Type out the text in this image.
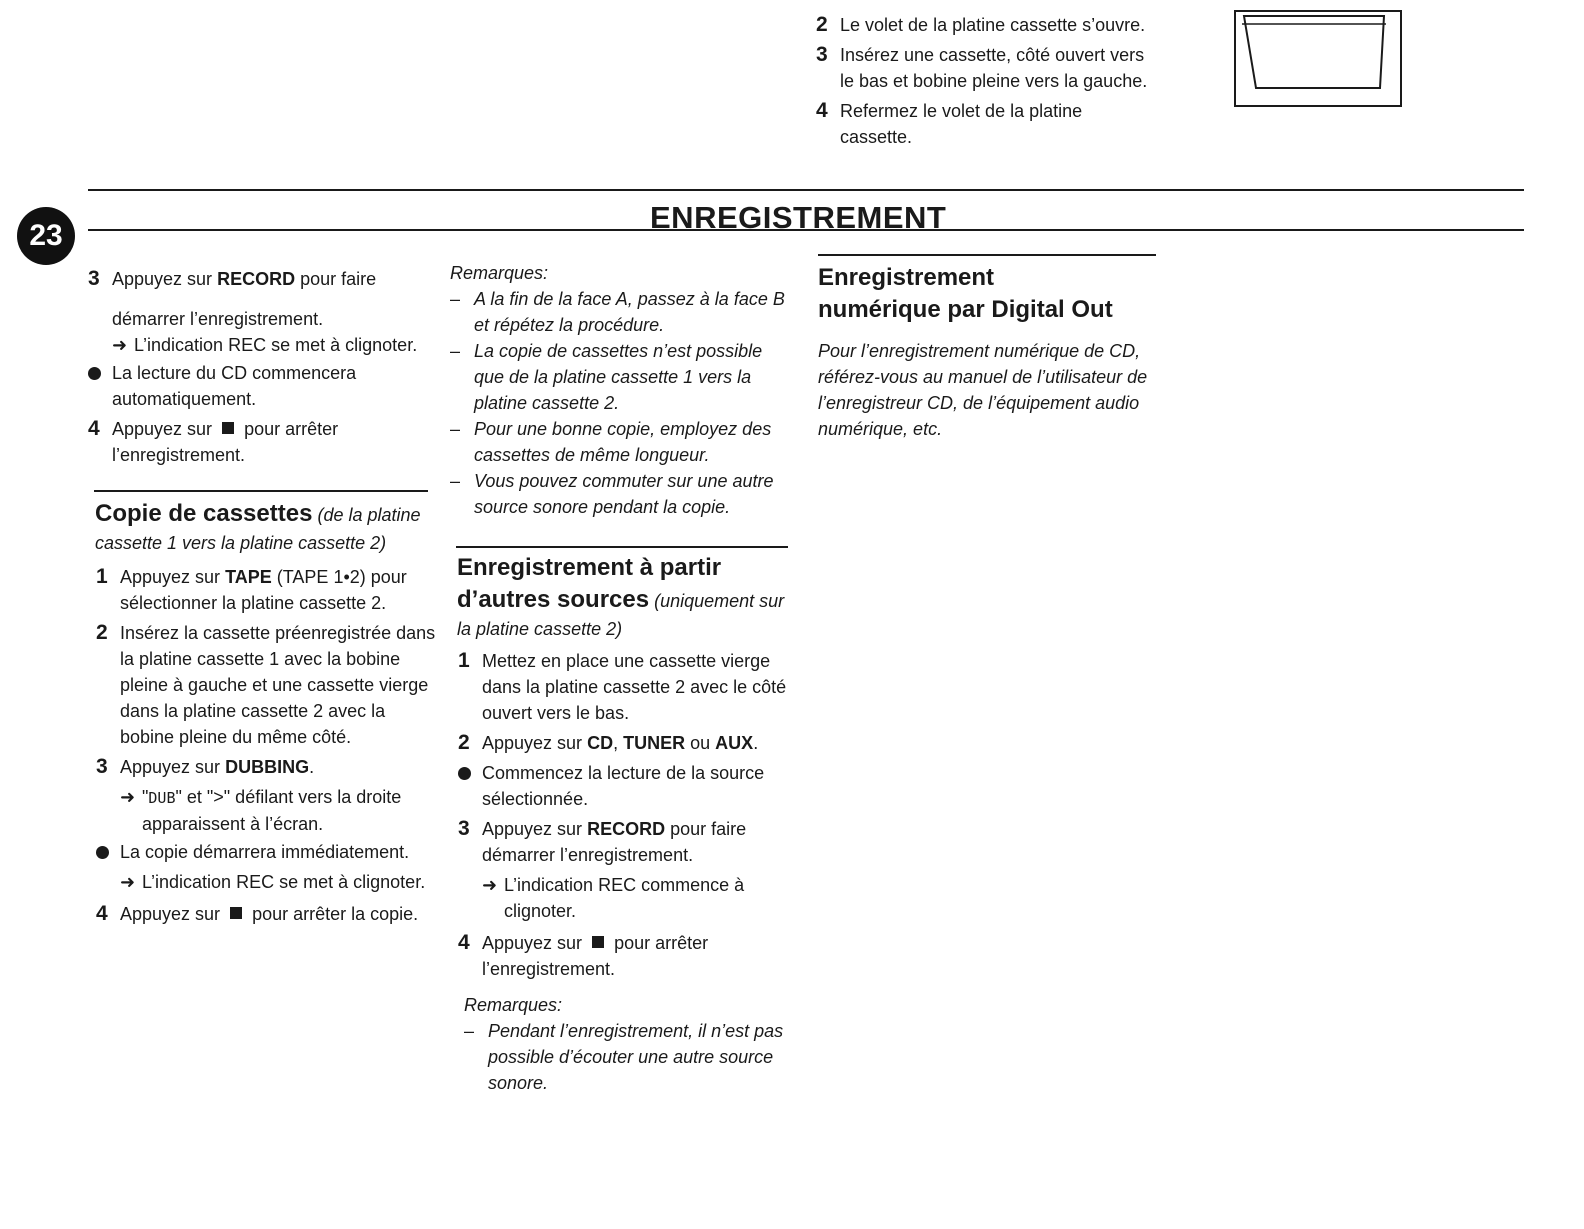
2 Le volet de la platine cassette s’ouvre.
3 Insérez une cassette, côté ouvert vers le bas et bobine pleine vers la gauche.
4 Refermez le volet de la platine cassette.
23
ENREGISTREMENT
3 Appuyez sur RECORD pour faire
démarrer l’enregistrement.
➜ L’indication REC se met à clignoter.
La lecture du CD commencera automatiquement.
4 Appuyez sur pour arrêter l’enregistrement.
Copie de cassettes (de la platine cassette 1 vers la platine cassette 2)
1 Appuyez sur TAPE (TAPE 1•2) pour sélectionner la platine cassette 2.
2 Insérez la cassette préenregistrée dans la platine cassette 1 avec la bobine pleine à gauche et une cassette vierge dans la platine cassette 2 avec la bobine pleine du même côté.
3 Appuyez sur DUBBING.
➜ "DUB" et ">" défilant vers la droite apparaissent à l’écran.
La copie démarrera immédiatement.
➜ L’indication REC se met à clignoter.
4 Appuyez sur pour arrêter la copie.
Remarques:
– A la fin de la face A, passez à la face B et répétez la procédure.
– La copie de cassettes n’est possible que de la platine cassette 1 vers la platine cassette 2.
– Pour une bonne copie, employez des cassettes de même longueur.
– Vous pouvez commuter sur une autre source sonore pendant la copie.
Enregistrement à partir
d’autres sources (uniquement sur la platine cassette 2)
1 Mettez en place une cassette vierge dans la platine cassette 2 avec le côté ouvert vers le bas.
2 Appuyez sur CD, TUNER ou AUX.
Commencez la lecture de la source sélectionnée.
3 Appuyez sur RECORD pour faire démarrer l’enregistrement.
➜ L’indication REC commence à clignoter.
4 Appuyez sur pour arrêter l’enregistrement.
Remarques:
– Pendant l’enregistrement, il n’est pas possible d’écouter une autre source sonore.
Enregistrement
numérique par Digital Out
Pour l’enregistrement numérique de CD, référez-vous au manuel de l’utilisateur de l’enregistreur CD, de l’équipement audio numérique, etc.
